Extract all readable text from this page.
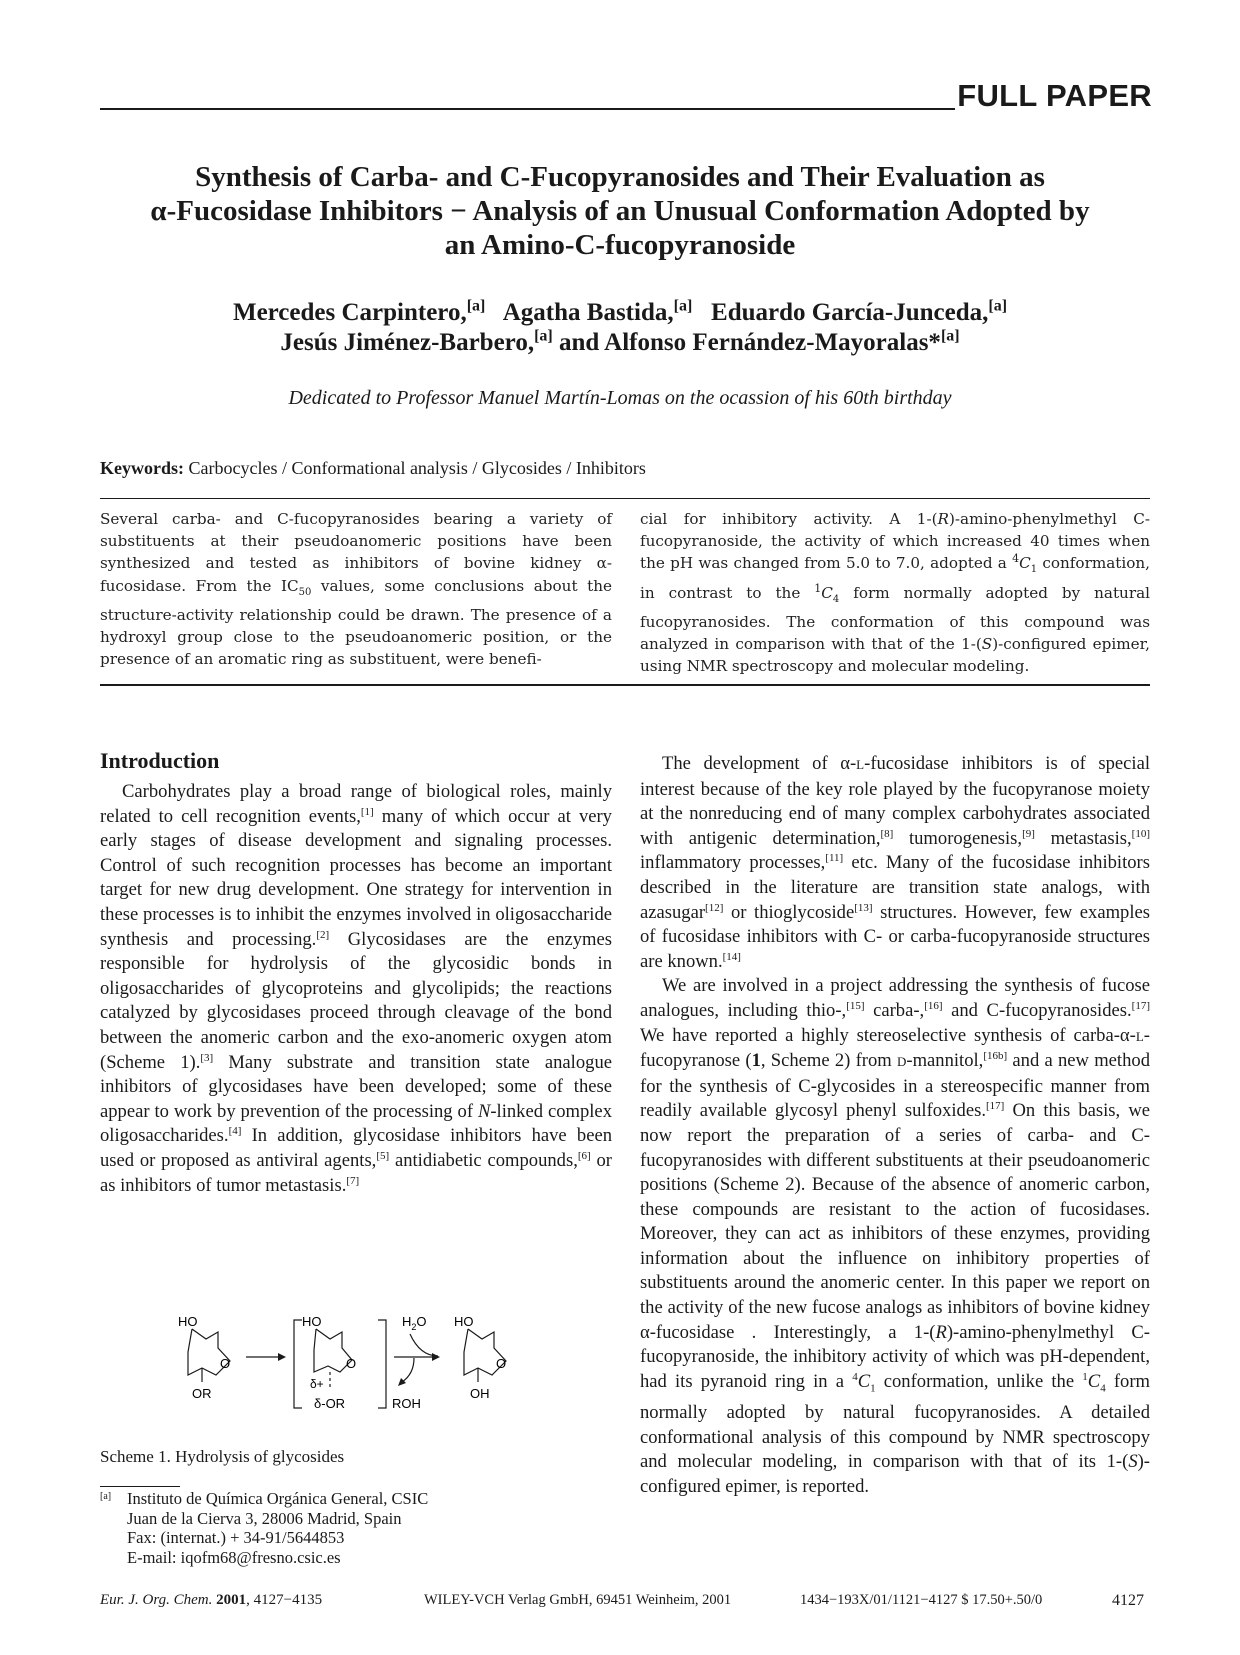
FULL PAPER
Synthesis of Carba- and C-Fucopyranosides and Their Evaluation as
α-Fucosidase Inhibitors − Analysis of an Unusual Conformation Adopted by
an Amino-C-fucopyranoside
Mercedes Carpintero,[a] Agatha Bastida,[a] Eduardo García-Junceda,[a]
Jesús Jiménez-Barbero,[a] and Alfonso Fernández-Mayoralas*[a]
Dedicated to Professor Manuel Martín-Lomas on the ocassion of his 60th birthday
Keywords: Carbocycles / Conformational analysis / Glycosides / Inhibitors
Several carba- and C-fucopyranosides bearing a variety of substituents at their pseudoanomeric positions have been synthesized and tested as inhibitors of bovine kidney α-fucosidase. From the $IC_{50}$ values, some conclusions about the structure-activity relationship could be drawn. The presence of a hydroxyl group close to the pseudoanomeric position, or the presence of an aromatic ring as substituent, were benefi-
cial for inhibitory activity. A 1-(R)-amino-phenylmethyl C-fucopyranoside, the activity of which increased 40 times when the pH was changed from 5.0 to 7.0, adopted a $^4C_1$ conformation, in contrast to the $^1C_4$ form normally adopted by natural fucopyranosides. The conformation of this compound was analyzed in comparison with that of the 1-(S)-configured epimer, using NMR spectroscopy and molecular modeling.
Introduction

Carbohydrates play a broad range of biological roles, mainly related to cell recognition events,[1] many of which occur at very early stages of disease development and signaling processes. Control of such recognition processes has become an important target for new drug development. One strategy for intervention in these processes is to inhibit the enzymes involved in oligosaccharide synthesis and processing.[2] Glycosidases are the enzymes responsible for hydrolysis of the glycosidic bonds in oligosaccharides of glycoproteins and glycolipids; the reactions catalyzed by glycosidases proceed through cleavage of the bond between the anomeric carbon and the exo-anomeric oxygen atom (Scheme 1).[3] Many substrate and transition state analogue inhibitors of glycosidases have been developed; some of these appear to work by prevention of the processing of N-linked complex oligosaccharides.[4] In addition, glycosidase inhibitors have been used or proposed as antiviral agents,[5] antidiabetic compounds,[6] or as inhibitors of tumor metastasis.[7]

HO
O
OR
HO
O
δ+
δ-OR
$H_2O$
ROH
HO
O
OH
Scheme 1. Hydrolysis of glycosides
[a] Instituto de Química Orgánica General, CSIC
Juan de la Cierva 3, 28006 Madrid, Spain
Fax: (internat.) + 34-91/5644853
E-mail: iqofm68@fresno.csic.es

The development of α-L-fucosidase inhibitors is of special interest because of the key role played by the fucopyranose moiety at the nonreducing end of many complex carbohydrates associated with antigenic determination,[8] tumorogenesis,[9] metastasis,[10] inflammatory processes,[11] etc. Many of the fucosidase inhibitors described in the literature are transition state analogs, with azasugar[12] or thioglycoside[13] structures. However, few examples of fucosidase inhibitors with C- or carba-fucopyranoside structures are known.[14]

We are involved in a project addressing the synthesis of fucose analogues, including thio-,[15] carba-,[16] and C-fucopyranosides.[17] We have reported a highly stereoselective synthesis of carba-α-L-fucopyranose (1, Scheme 2) from D-mannitol,[16b] and a new method for the synthesis of C-glycosides in a stereospecific manner from readily available glycosyl phenyl sulfoxides.[17] On this basis, we now report the preparation of a series of carba- and C-fucopyranosides with different substituents at their pseudoanomeric positions (Scheme 2). Because of the absence of anomeric carbon, these compounds are resistant to the action of fucosidases. Moreover, they can act as inhibitors of these enzymes, providing information about the influence on inhibitory properties of substituents around the anomeric center. In this paper we report on the activity of the new fucose analogs as inhibitors of bovine kidney α-fucosidase . Interestingly, a 1-(R)-amino-phenylmethyl C-fucopyranoside, the inhibitory activity of which was pH-dependent, had its pyranoid ring in a $^4C_1$ conformation, unlike the $^1C_4$ form normally adopted by natural fucopyranosides. A detailed conformational analysis of this compound by NMR spectroscopy and molecular modeling, in comparison with that of its 1-(S)-configured epimer, is reported.

Eur. J. Org. Chem. 2001, 4127−4135	WILEY-VCH Verlag GmbH, 69451 Weinheim, 2001	1434−193X/01/1121−4127 $ 17.50+.50/0	4127
